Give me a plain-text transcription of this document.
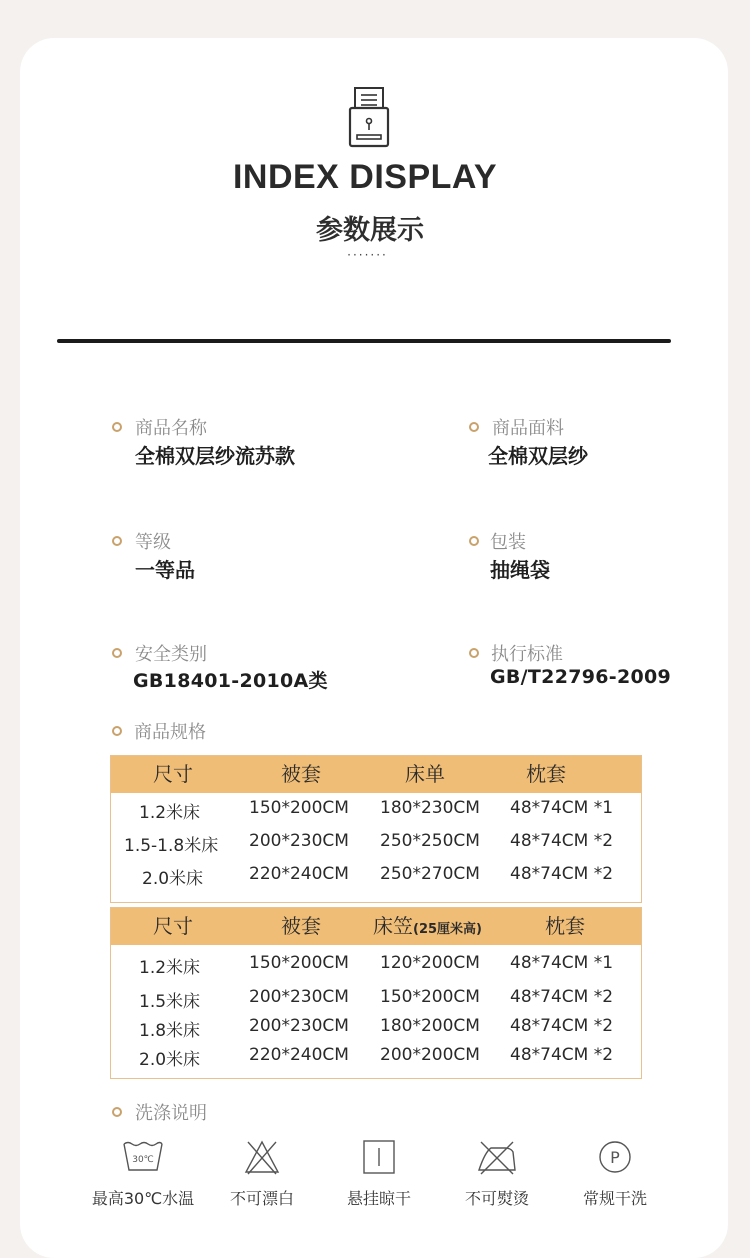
INDEX DISPLAY
参数展示
·······
商品名称
全棉双层纱流苏款
商品面料
全棉双层纱
等级
一等品
包装
抽绳袋
安全类别
GB18401-2010A类
执行标准
GB/T22796-2009
商品规格
尺寸	被套	床单	枕套
1.2米床	150*200CM 180*230CM 48*74CM *1
1.5-1.8米床 200*230CM 250*250CM 48*74CM *2
2.0米床	220*240CM 250*270CM 48*74CM *2
尺寸	被套	床笠(25厘米高)	枕套
1.2米床	150*200CM 120*200CM 48*74CM *1
1.5米床	200*230CM 150*200CM 48*74CM *2
1.8米床	200*230CM 180*200CM 48*74CM *2
2.0米床	220*240CM 200*200CM 48*74CM *2
洗涤说明
30℃
最高30℃水温	不可漂白	悬挂晾干	不可熨烫
P
常规干洗
